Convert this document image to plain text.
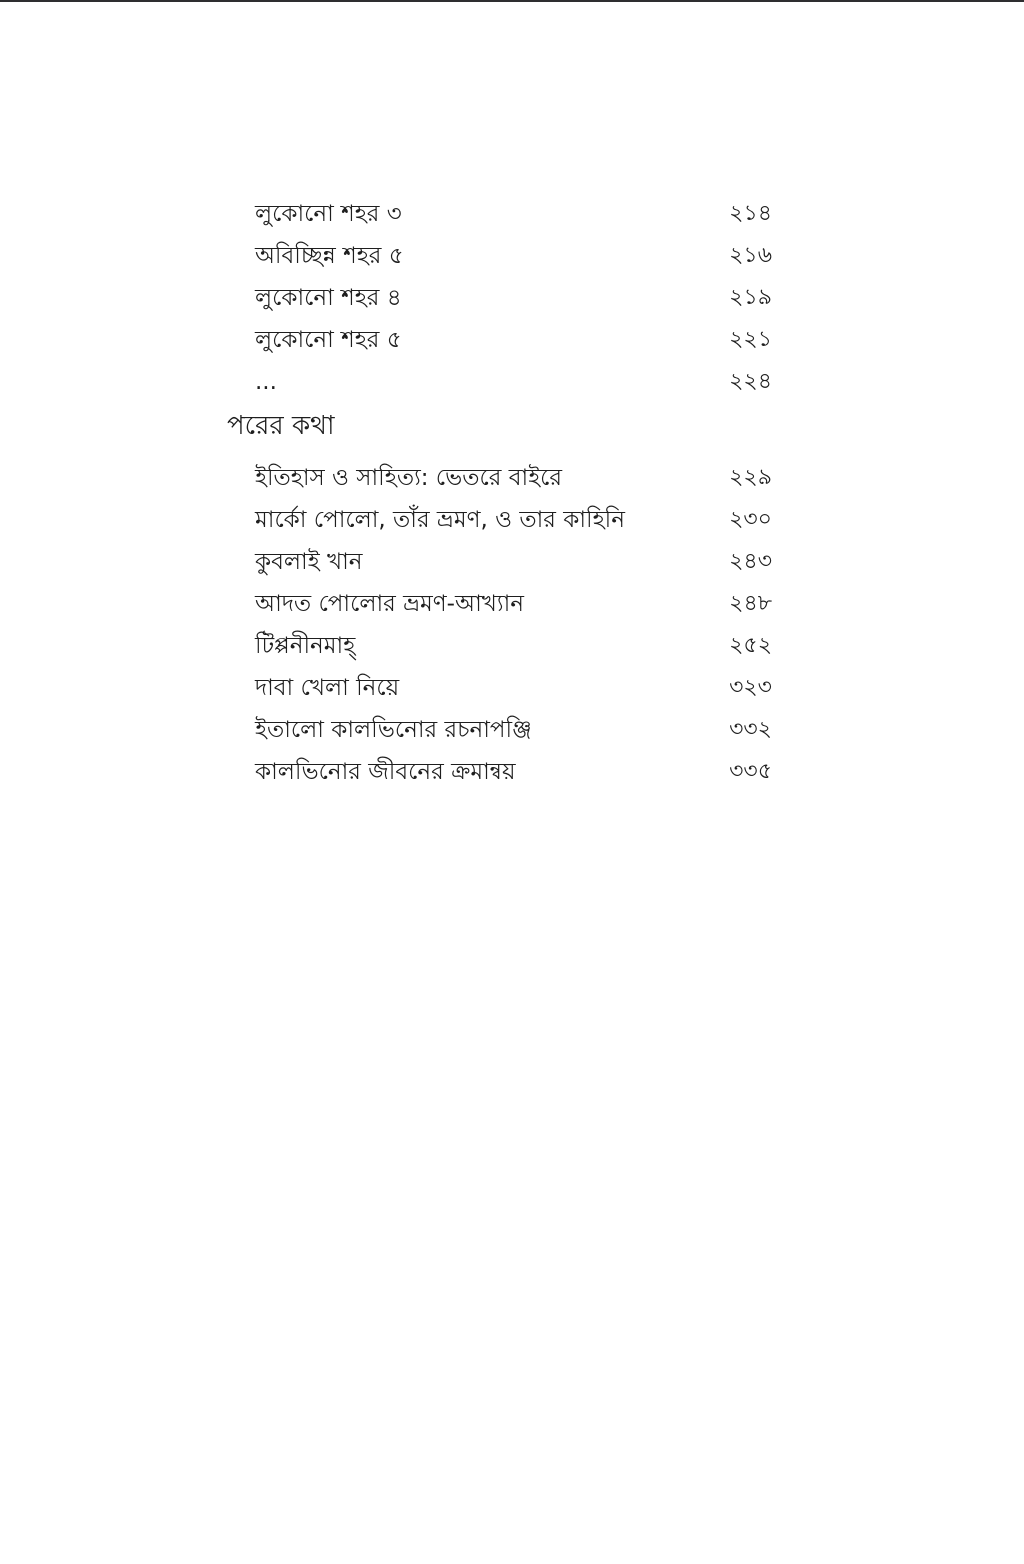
লুকোনো শহর ৩	২১৪
অবিচ্ছিন্ন শহর ৫	২১৬
লুকোনো শহর ৪	২১৯
লুকোনো শহর ৫	২২১
...	২২৪
পরের কথা
ইতিহাস ও সাহিত্য: ভেতরে বাইরে	২২৯
মার্কো পোলো, তাঁর ভ্রমণ, ও তার কাহিনি	২৩০
কুবলাই খান	২৪৩
আদত পোলোর ভ্রমণ-আখ্যান	২৪৮
টিপ্পনীনমাহ্	২৫২
দাবা খেলা নিয়ে	৩২৩
ইতালো কালভিনোর রচনাপঞ্জি	৩৩২
কালভিনোর জীবনের ক্রমান্বয়	৩৩৫
